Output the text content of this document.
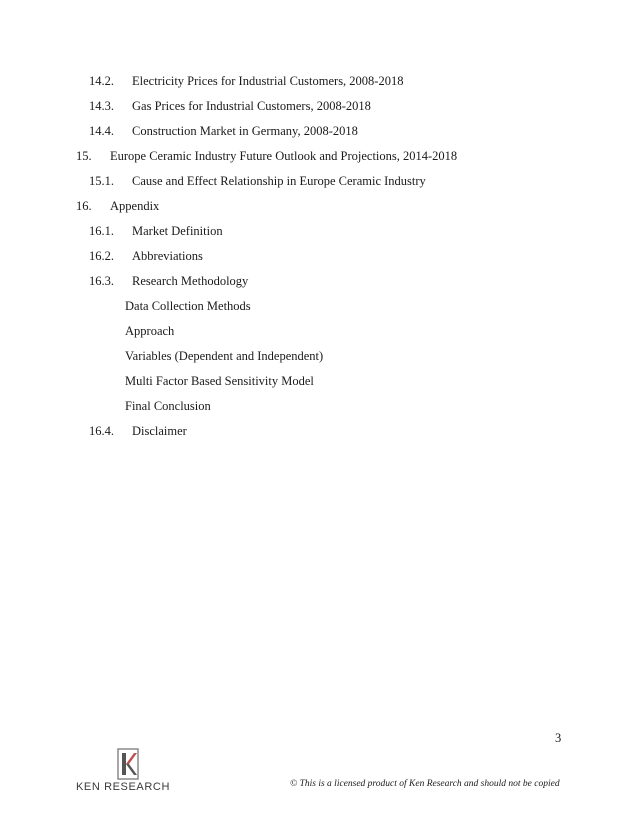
14.2. Electricity Prices for Industrial Customers, 2008-2018
14.3. Gas Prices for Industrial Customers, 2008-2018
14.4. Construction Market in Germany, 2008-2018
15. Europe Ceramic Industry Future Outlook and Projections, 2014-2018
15.1. Cause and Effect Relationship in Europe Ceramic Industry
16. Appendix
16.1. Market Definition
16.2. Abbreviations
16.3. Research Methodology
Data Collection Methods
Approach
Variables (Dependent and Independent)
Multi Factor Based Sensitivity Model
Final Conclusion
16.4. Disclaimer
3
KEN RESEARCH	© This is a licensed product of Ken Research and should not be copied
